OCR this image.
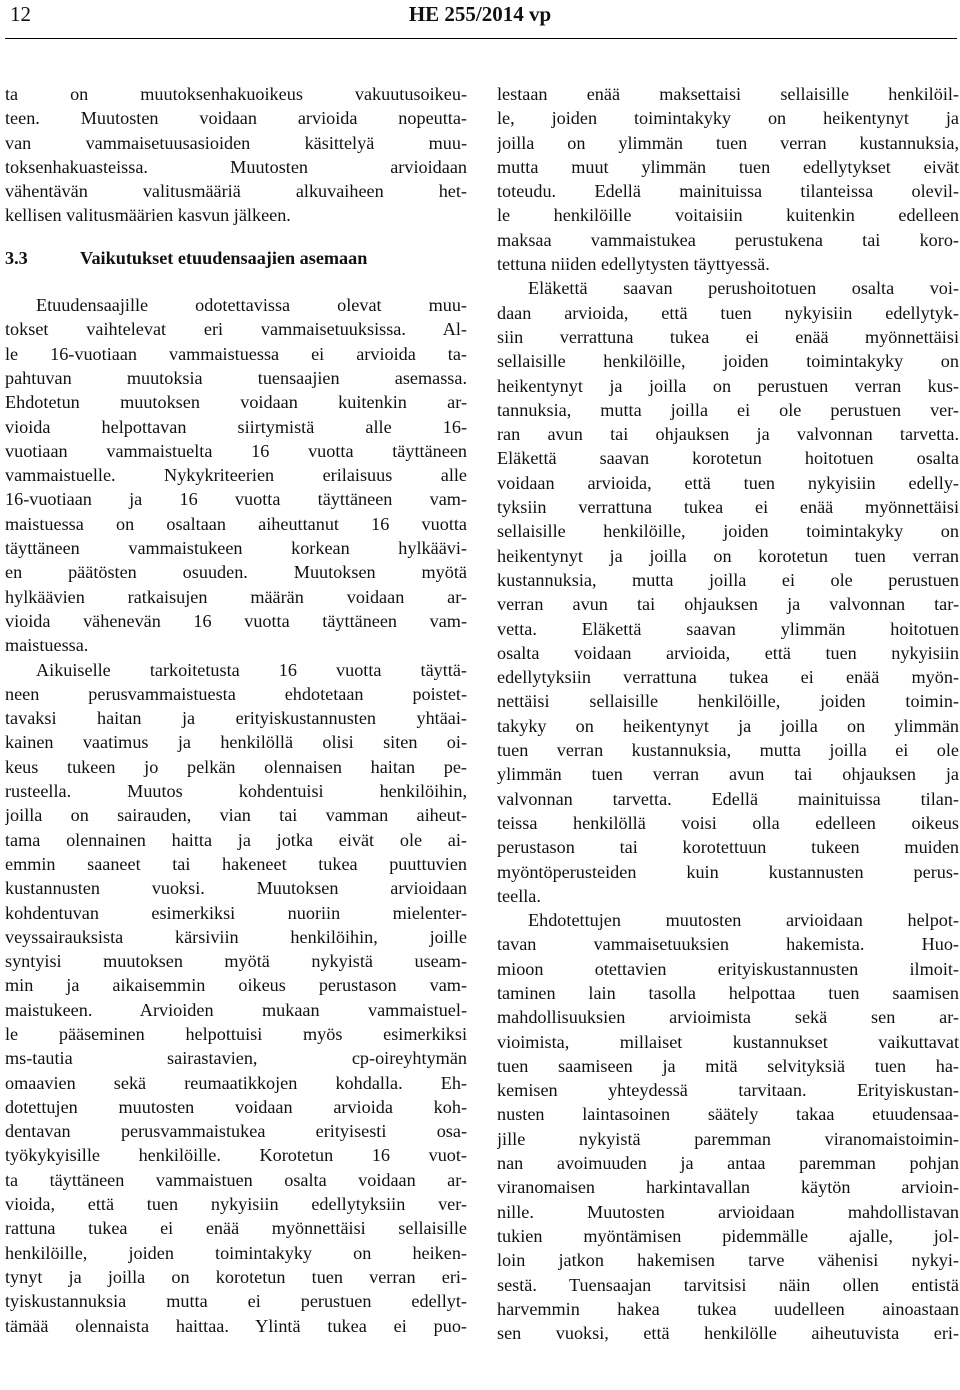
12	HE 255/2014 vp
ta on muutoksenhakuoikeus vakuutusoikeu-
teen. Muutosten voidaan arvioida nopeutta-
van vammaisetuusasioiden käsittelyä muu-
toksenhakuasteissa. Muutosten arvioidaan
vähentävän valitusmääriä alkuvaiheen het-
kellisen valitusmäärien kasvun jälkeen.
3.3	Vaikutukset etuudensaajien asemaan
Etuudensaajille odotettavissa olevat muu-
tokset vaihtelevat eri vammaisetuuksissa. Al-
le 16-vuotiaan vammaistuessa ei arvioida ta-
pahtuvan muutoksia tuensaajien asemassa.
Ehdotetun muutoksen voidaan kuitenkin ar-
vioida helpottavan siirtymistä alle 16-
vuotiaan vammaistuelta 16 vuotta täyttäneen
vammaistuelle. Nykykriteerien erilaisuus alle
16-vuotiaan ja 16 vuotta täyttäneen vam-
maistuessa on osaltaan aiheuttanut 16 vuotta
täyttäneen vammaistukeen korkean hylkäävi-
en päätösten osuuden. Muutoksen myötä
hylkäävien ratkaisujen määrän voidaan ar-
vioida vähenevän 16 vuotta täyttäneen vam-
maistuessa.
Aikuiselle tarkoitetusta 16 vuotta täyttä-
neen perusvammaistuesta ehdotetaan poistet-
tavaksi haitan ja erityiskustannusten yhtäai-
kainen vaatimus ja henkilöllä olisi siten oi-
keus tukeen jo pelkän olennaisen haitan pe-
rusteella. Muutos kohdentuisi henkilöihin,
joilla on sairauden, vian tai vamman aiheut-
tama olennainen haitta ja jotka eivät ole ai-
emmin saaneet tai hakeneet tukea puuttuvien
kustannusten vuoksi. Muutoksen arvioidaan
kohdentuvan esimerkiksi nuoriin mielenter-
veyssairauksista kärsiviin henkilöihin, joille
syntyisi muutoksen myötä nykyistä useam-
min ja aikaisemmin oikeus perustason vam-
maistukeen. Arvioiden mukaan vammaistuel-
le pääseminen helpottuisi myös esimerkiksi
ms-tautia sairastavien, cp-oireyhtymän
omaavien sekä reumaatikkojen kohdalla. Eh-
dotettujen muutosten voidaan arvioida koh-
dentavan perusvammaistukea erityisesti osa-
työkykyisille henkilöille. Korotetun 16 vuot-
ta täyttäneen vammaistuen osalta voidaan ar-
vioida, että tuen nykyisiin edellytyksiin ver-
rattuna tukea ei enää myönnettäisi sellaisille
henkilöille, joiden toimintakyky on heiken-
tynyt ja joilla on korotetun tuen verran eri-
tyiskustannuksia mutta ei perustuen edellyt-
tämää olennaista haittaa. Ylintä tukea ei puo-
lestaan enää maksettaisi sellaisille henkilöil-
le, joiden toimintakyky on heikentynyt ja
joilla on ylimmän tuen verran kustannuksia,
mutta muut ylimmän tuen edellytykset eivät
toteudu. Edellä mainituissa tilanteissa olevil-
le henkilöille voitaisiin kuitenkin edelleen
maksaa vammaistukea perustukena tai koro-
tettuna niiden edellytysten täyttyessä.
Eläkettä saavan perushoitotuen osalta voi-
daan arvioida, että tuen nykyisiin edellytyk-
siin verrattuna tukea ei enää myönnettäisi
sellaisille henkilöille, joiden toimintakyky on
heikentynyt ja joilla on perustuen verran kus-
tannuksia, mutta joilla ei ole perustuen ver-
ran avun tai ohjauksen ja valvonnan tarvetta.
Eläkettä saavan korotetun hoitotuen osalta
voidaan arvioida, että tuen nykyisiin edelly-
tyksiin verrattuna tukea ei enää myönnettäisi
sellaisille henkilöille, joiden toimintakyky on
heikentynyt ja joilla on korotetun tuen verran
kustannuksia, mutta joilla ei ole perustuen
verran avun tai ohjauksen ja valvonnan tar-
vetta. Eläkettä saavan ylimmän hoitotuen
osalta voidaan arvioida, että tuen nykyisiin
edellytyksiin verrattuna tukea ei enää myön-
nettäisi sellaisille henkilöille, joiden toimin-
takyky on heikentynyt ja joilla on ylimmän
tuen verran kustannuksia, mutta joilla ei ole
ylimmän tuen verran avun tai ohjauksen ja
valvonnan tarvetta. Edellä mainituissa tilan-
teissa henkilöllä voisi olla edelleen oikeus
perustason tai korotettuun tukeen muiden
myöntöperusteiden kuin kustannusten perus-
teella.
Ehdotettujen muutosten arvioidaan helpot-
tavan vammaisetuuksien hakemista. Huo-
mioon otettavien erityiskustannusten ilmoit-
taminen lain tasolla helpottaa tuen saamisen
mahdollisuuksien arvioimista sekä sen ar-
vioimista, millaiset kustannukset vaikuttavat
tuen saamiseen ja mitä selvityksiä tuen ha-
kemisen yhteydessä tarvitaan. Erityiskustan-
nusten laintasoinen säätely takaa etuudensaa-
jille nykyistä paremman viranomaistoimin-
nan avoimuuden ja antaa paremman pohjan
viranomaisen harkintavallan käytön arvioin-
nille. Muutosten arvioidaan mahdollistavan
tukien myöntämisen pidemmälle ajalle, jol-
loin jatkon hakemisen tarve vähenisi nykyi-
sestä. Tuensaajan tarvitsisi näin ollen entistä
harvemmin hakea tukea uudelleen ainoastaan
sen vuoksi, että henkilölle aiheutuvista eri-
